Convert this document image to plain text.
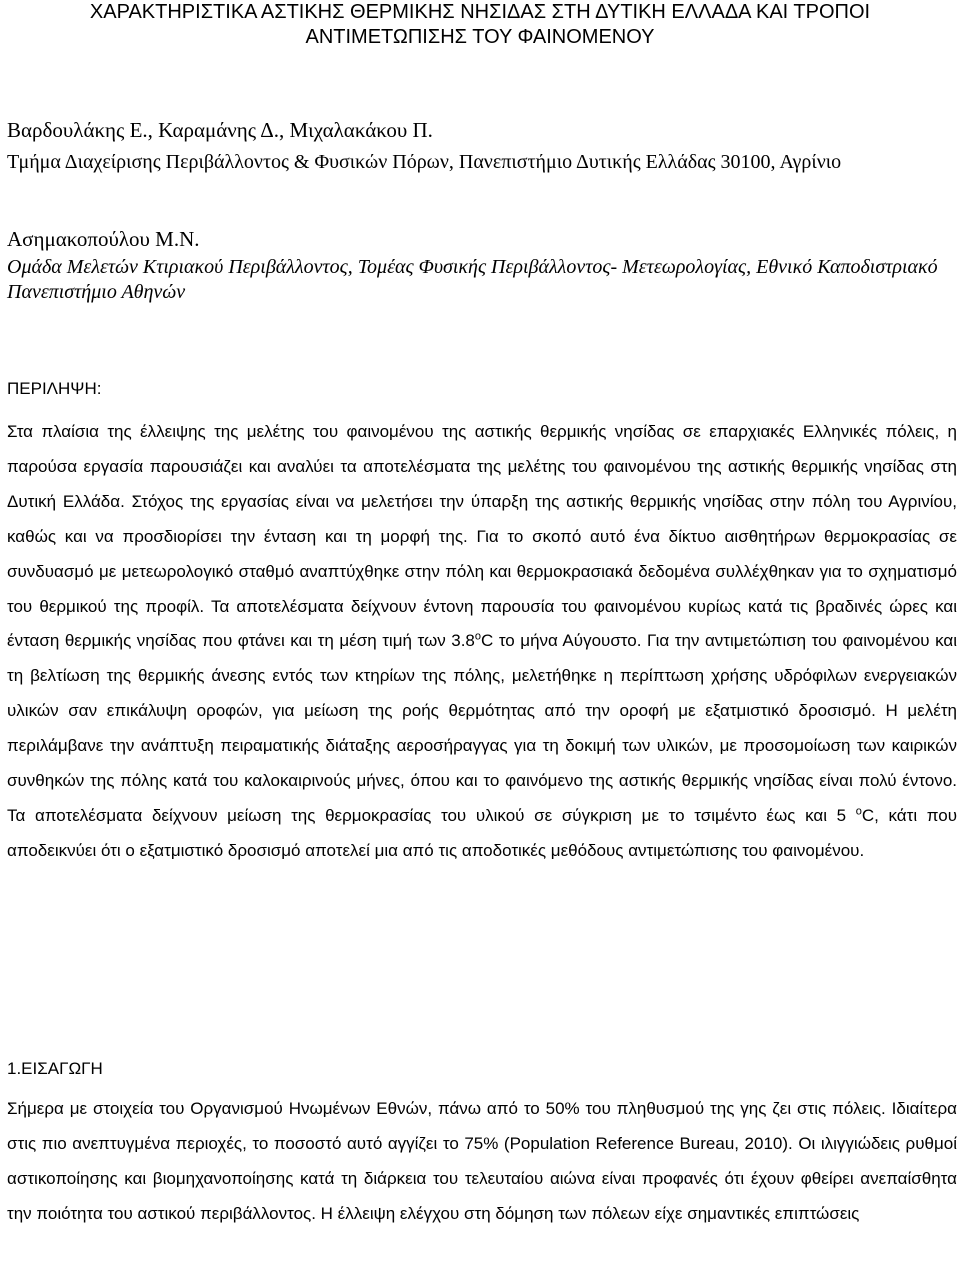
ΧΑΡΑΚΤΗΡΙΣΤΙΚΑ ΑΣΤΙΚΗΣ ΘΕΡΜΙΚΗΣ ΝΗΣΙΔΑΣ ΣΤΗ ΔΥΤΙΚΗ ΕΛΛΑΔΑ ΚΑΙ ΤΡΟΠΟΙ
ΑΝΤΙΜΕΤΩΠΙΣΗΣ ΤΟΥ ΦΑΙΝΟΜΕΝΟΥ
Βαρδουλάκης Ε., Καραμάνης Δ., Μιχαλακάκου Π.
Τμήμα Διαχείρισης Περιβάλλοντος & Φυσικών Πόρων, Πανεπιστήμιο Δυτικής Ελλάδας 30100, Αγρίνιο
Ασημακοπούλου Μ.Ν.
Ομάδα Μελετών Κτιριακού Περιβάλλοντος, Τομέας Φυσικής Περιβάλλοντος- Μετεωρολογίας, Εθνικό Καποδιστριακό Πανεπιστήμιο Αθηνών
ΠΕΡΙΛΗΨΗ:

Στα πλαίσια της έλλειψης της μελέτης του φαινομένου της αστικής θερμικής νησίδας σε επαρχιακές Ελληνικές πόλεις, η παρούσα εργασία παρουσιάζει και αναλύει τα αποτελέσματα της μελέτης του φαινομένου της αστικής θερμικής νησίδας στη Δυτική Ελλάδα. Στόχος της εργασίας είναι να μελετήσει την ύπαρξη της αστικής θερμικής νησίδας στην πόλη του Αγρινίου, καθώς και να προσδιορίσει την ένταση και τη μορφή της. Για το σκοπό αυτό ένα δίκτυο αισθητήρων θερμοκρασίας σε συνδυασμό με μετεωρολογικό σταθμό αναπτύχθηκε στην πόλη και θερμοκρασιακά δεδομένα συλλέχθηκαν για το σχηματισμό του θερμικού της προφίλ. Τα αποτελέσματα δείχνουν έντονη παρουσία του φαινομένου κυρίως κατά τις βραδινές ώρες και ένταση θερμικής νησίδας που φτάνει και τη μέση τιμή των $3.8^oC$ το μήνα Αύγουστο. Για την αντιμετώπιση του φαινομένου και τη βελτίωση της θερμικής άνεσης εντός των κτηρίων της πόλης, μελετήθηκε η περίπτωση χρήσης υδρόφιλων ενεργειακών υλικών σαν επικάλυψη οροφών, για μείωση της ροής θερμότητας από την οροφή με εξατμιστικό δροσισμό. Η μελέτη περιλάμβανε την ανάπτυξη πειραματικής διάταξης αεροσήραγγας για τη δοκιμή των υλικών, με προσομοίωση των καιρικών συνθηκών της πόλης κατά του καλοκαιρινούς μήνες, όπου και το φαινόμενο της αστικής θερμικής νησίδας είναι πολύ έντονο. Τα αποτελέσματα δείχνουν μείωση της θερμοκρασίας του υλικού σε σύγκριση με το τσιμέντο έως και 5 $^o$C, κάτι που αποδεικνύει ότι ο εξατμιστικό δροσισμό αποτελεί μια από τις αποδοτικές μεθόδους αντιμετώπισης του φαινομένου.

1.ΕΙΣΑΓΩΓΗ

Σήμερα με στοιχεία του Οργανισμού Ηνωμένων Εθνών, πάνω από το 50% του πληθυσμού της γης ζει στις πόλεις. Ιδιαίτερα στις πιο ανεπτυγμένα περιοχές, το ποσοστό αυτό αγγίζει το 75% (Population Reference Bureau, 2010). Οι ιλιγγιώδεις ρυθμοί αστικοποίησης και βιομηχανοποίησης κατά τη διάρκεια του τελευταίου αιώνα είναι προφανές ότι έχουν φθείρει ανεπαίσθητα την ποιότητα του αστικού περιβάλλοντος. Η έλλειψη ελέγχου στη δόμηση των πόλεων είχε σημαντικές επιπτώσεις
